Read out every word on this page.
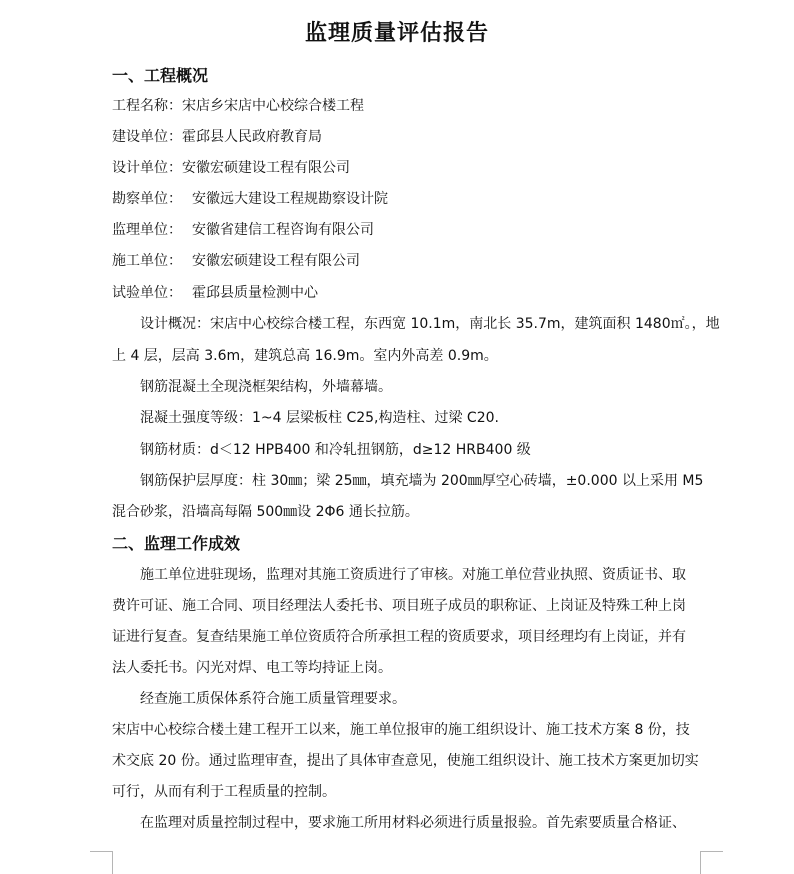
监理质量评估报告
一、工程概况
工程名称：宋店乡宋店中心校综合楼工程
建设单位：霍邱县人民政府教育局
设计单位：安徽宏硕建设工程有限公司
勘察单位： 安徽远大建设工程规勘察设计院
监理单位： 安徽省建信工程咨询有限公司
施工单位： 安徽宏硕建设工程有限公司
试验单位： 霍邱县质量检测中心
设计概况：宋店中心校综合楼工程，东西宽 10.1m，南北长 35.7m，建筑面积 1480㎡。，地
上 4 层，层高 3.6m，建筑总高 16.9m。室内外高差 0.9m。
钢筋混凝土全现浇框架结构，外墙幕墙。
混凝土强度等级：1~4 层梁板柱 C25,构造柱、过梁 C20.
钢筋材质：d＜12 HPB400 和冷轧扭钢筋，d≥12 HRB400 级
钢筋保护层厚度：柱 30㎜；梁 25㎜，填充墙为 200㎜厚空心砖墙，±0.000 以上采用 M5
混合砂浆，沿墙高每隔 500㎜设 2Φ6 通长拉筋。
二、监理工作成效
施工单位进驻现场，监理对其施工资质进行了审核。对施工单位营业执照、资质证书、取
费许可证、施工合同、项目经理法人委托书、项目班子成员的职称证、上岗证及特殊工种上岗
证进行复查。复查结果施工单位资质符合所承担工程的资质要求，项目经理均有上岗证，并有
法人委托书。闪光对焊、电工等均持证上岗。
经查施工质保体系符合施工质量管理要求。
宋店中心校综合楼土建工程开工以来，施工单位报审的施工组织设计、施工技术方案 8 份，技
术交底 20 份。通过监理审查，提出了具体审查意见，使施工组织设计、施工技术方案更加切实
可行，从而有利于工程质量的控制。
在监理对质量控制过程中，要求施工所用材料必须进行质量报验。首先索要质量合格证、
